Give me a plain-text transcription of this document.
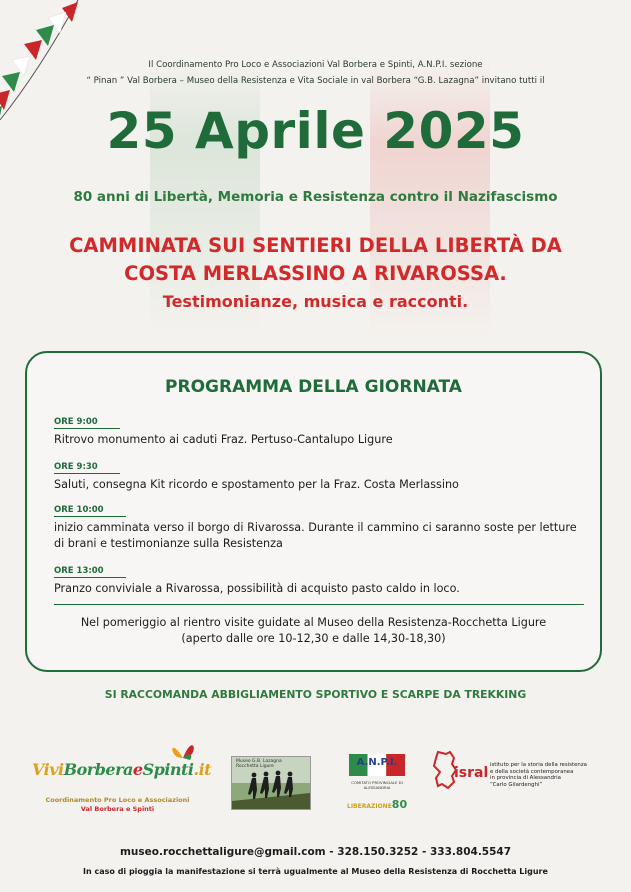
Il Coordinamento Pro Loco e Associazioni Val Borbera e Spinti, A.N.P.I. sezione
“ Pinan ” Val Borbera – Museo della Resistenza e Vita Sociale in val Borbera “G.B. Lazagna” invitano tutti il
25 Aprile 2025
80 anni di Libertà, Memoria e Resistenza contro il Nazifascismo
CAMMINATA SUI SENTIERI DELLA LIBERTÀ DA
COSTA MERLASSINO A RIVAROSSA.
Testimonianze, musica e racconti.
PROGRAMMA DELLA GIORNATA
ORE 9:00
Ritrovo monumento ai caduti Fraz. Pertuso-Cantalupo Ligure
ORE 9:30
Saluti, consegna Kit ricordo e spostamento per la Fraz. Costa Merlassino
ORE 10:00
inizio camminata verso il borgo di Rivarossa. Durante il cammino ci saranno soste per letture di brani e testimonianze sulla Resistenza
ORE 13:00
Pranzo conviviale a Rivarossa, possibilità di acquisto pasto caldo in loco.
Nel pomeriggio al rientro visite guidate al Museo della Resistenza-Rocchetta Ligure
(aperto dalle ore 10-12,30 e dalle 14,30-18,30)
SI RACCOMANDA ABBIGLIAMENTO SPORTIVO E SCARPE DA TREKKING
ViviBorberaeSpinti.it
Coordinamento Pro Loco e Associazioni
Val Borbera e Spinti
Museo G.B. Lazagna
Rocchetta Ligure	A.N.P.I.
COMITATO PROVINCIALE DI
ALESSANDRIA
LIBERAZIONE80
isral istituto per la storia della resistenza
e della società contemporanea
in provincia di Alessandria
“Carlo Gilardenghi”
museo.rocchettaligure@gmail.com - 328.150.3252 - 333.804.5547
In caso di pioggia la manifestazione si terrà ugualmente al Museo della Resistenza di Rocchetta Ligure
